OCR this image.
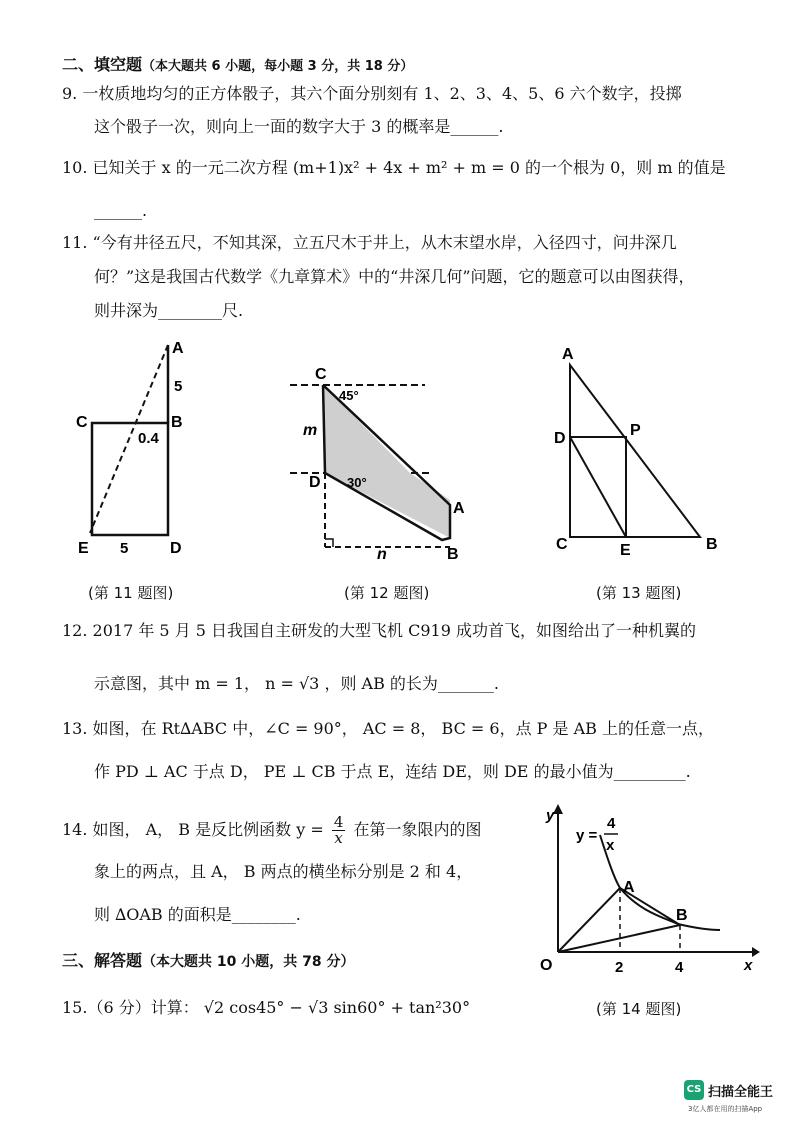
二、填空题（本大题共 6 小题，每小题 3 分，共 18 分）
9. 一枚质地均匀的正方体骰子，其六个面分别刻有 1、2、3、4、5、6 六个数字，投掷
这个骰子一次，则向上一面的数字大于 3 的概率是______.
10. 已知关于 x 的一元二次方程 (m+1)x² + 4x + m² + m = 0 的一个根为 0，则 m 的值是
______.
11. “今有井径五尺，不知其深，立五尺木于井上，从木末望水岸，入径四寸，问井深几
何？”这是我国古代数学《九章算术》中的“井深几何”问题，它的题意可以由图获得，
则井深为________尺.
A
5
C	B
0.4
E 5	D
(第 11 题图)
C
45°
m
D 30°
A
B
n
(第 12 题图)
A
D	P
C	E	B
(第 13 题图)
12. 2017 年 5 月 5 日我国自主研发的大型飞机 C919 成功首飞，如图给出了一种机翼的
示意图，其中 m = 1， n = √3 ，则 AB 的长为_______.
13. 如图，在 Rt∆ABC 中，∠C = 90°， AC = 8， BC = 6，点 P 是 AB 上的任意一点，
作 PD ⊥ AC 于点 D， PE ⊥ CB 于点 E，连结 DE，则 DE 的最小值为_________.
14. 如图， A， B 是反比例函数 $y = \frac{4}{x}$ 在第一象限内的图
象上的两点，且 A， B 两点的横坐标分别是 2 和 4，
则 ∆OAB 的面积是________.
y
x
O
A
B
2	4
y =
4
x
(第 14 题图)
三、解答题（本大题共 10 小题，共 78 分）
15.（6 分）计算： √2 cos45° − √3 sin60° + tan²30°
CS 扫描全能王
3亿人都在用的扫描App
